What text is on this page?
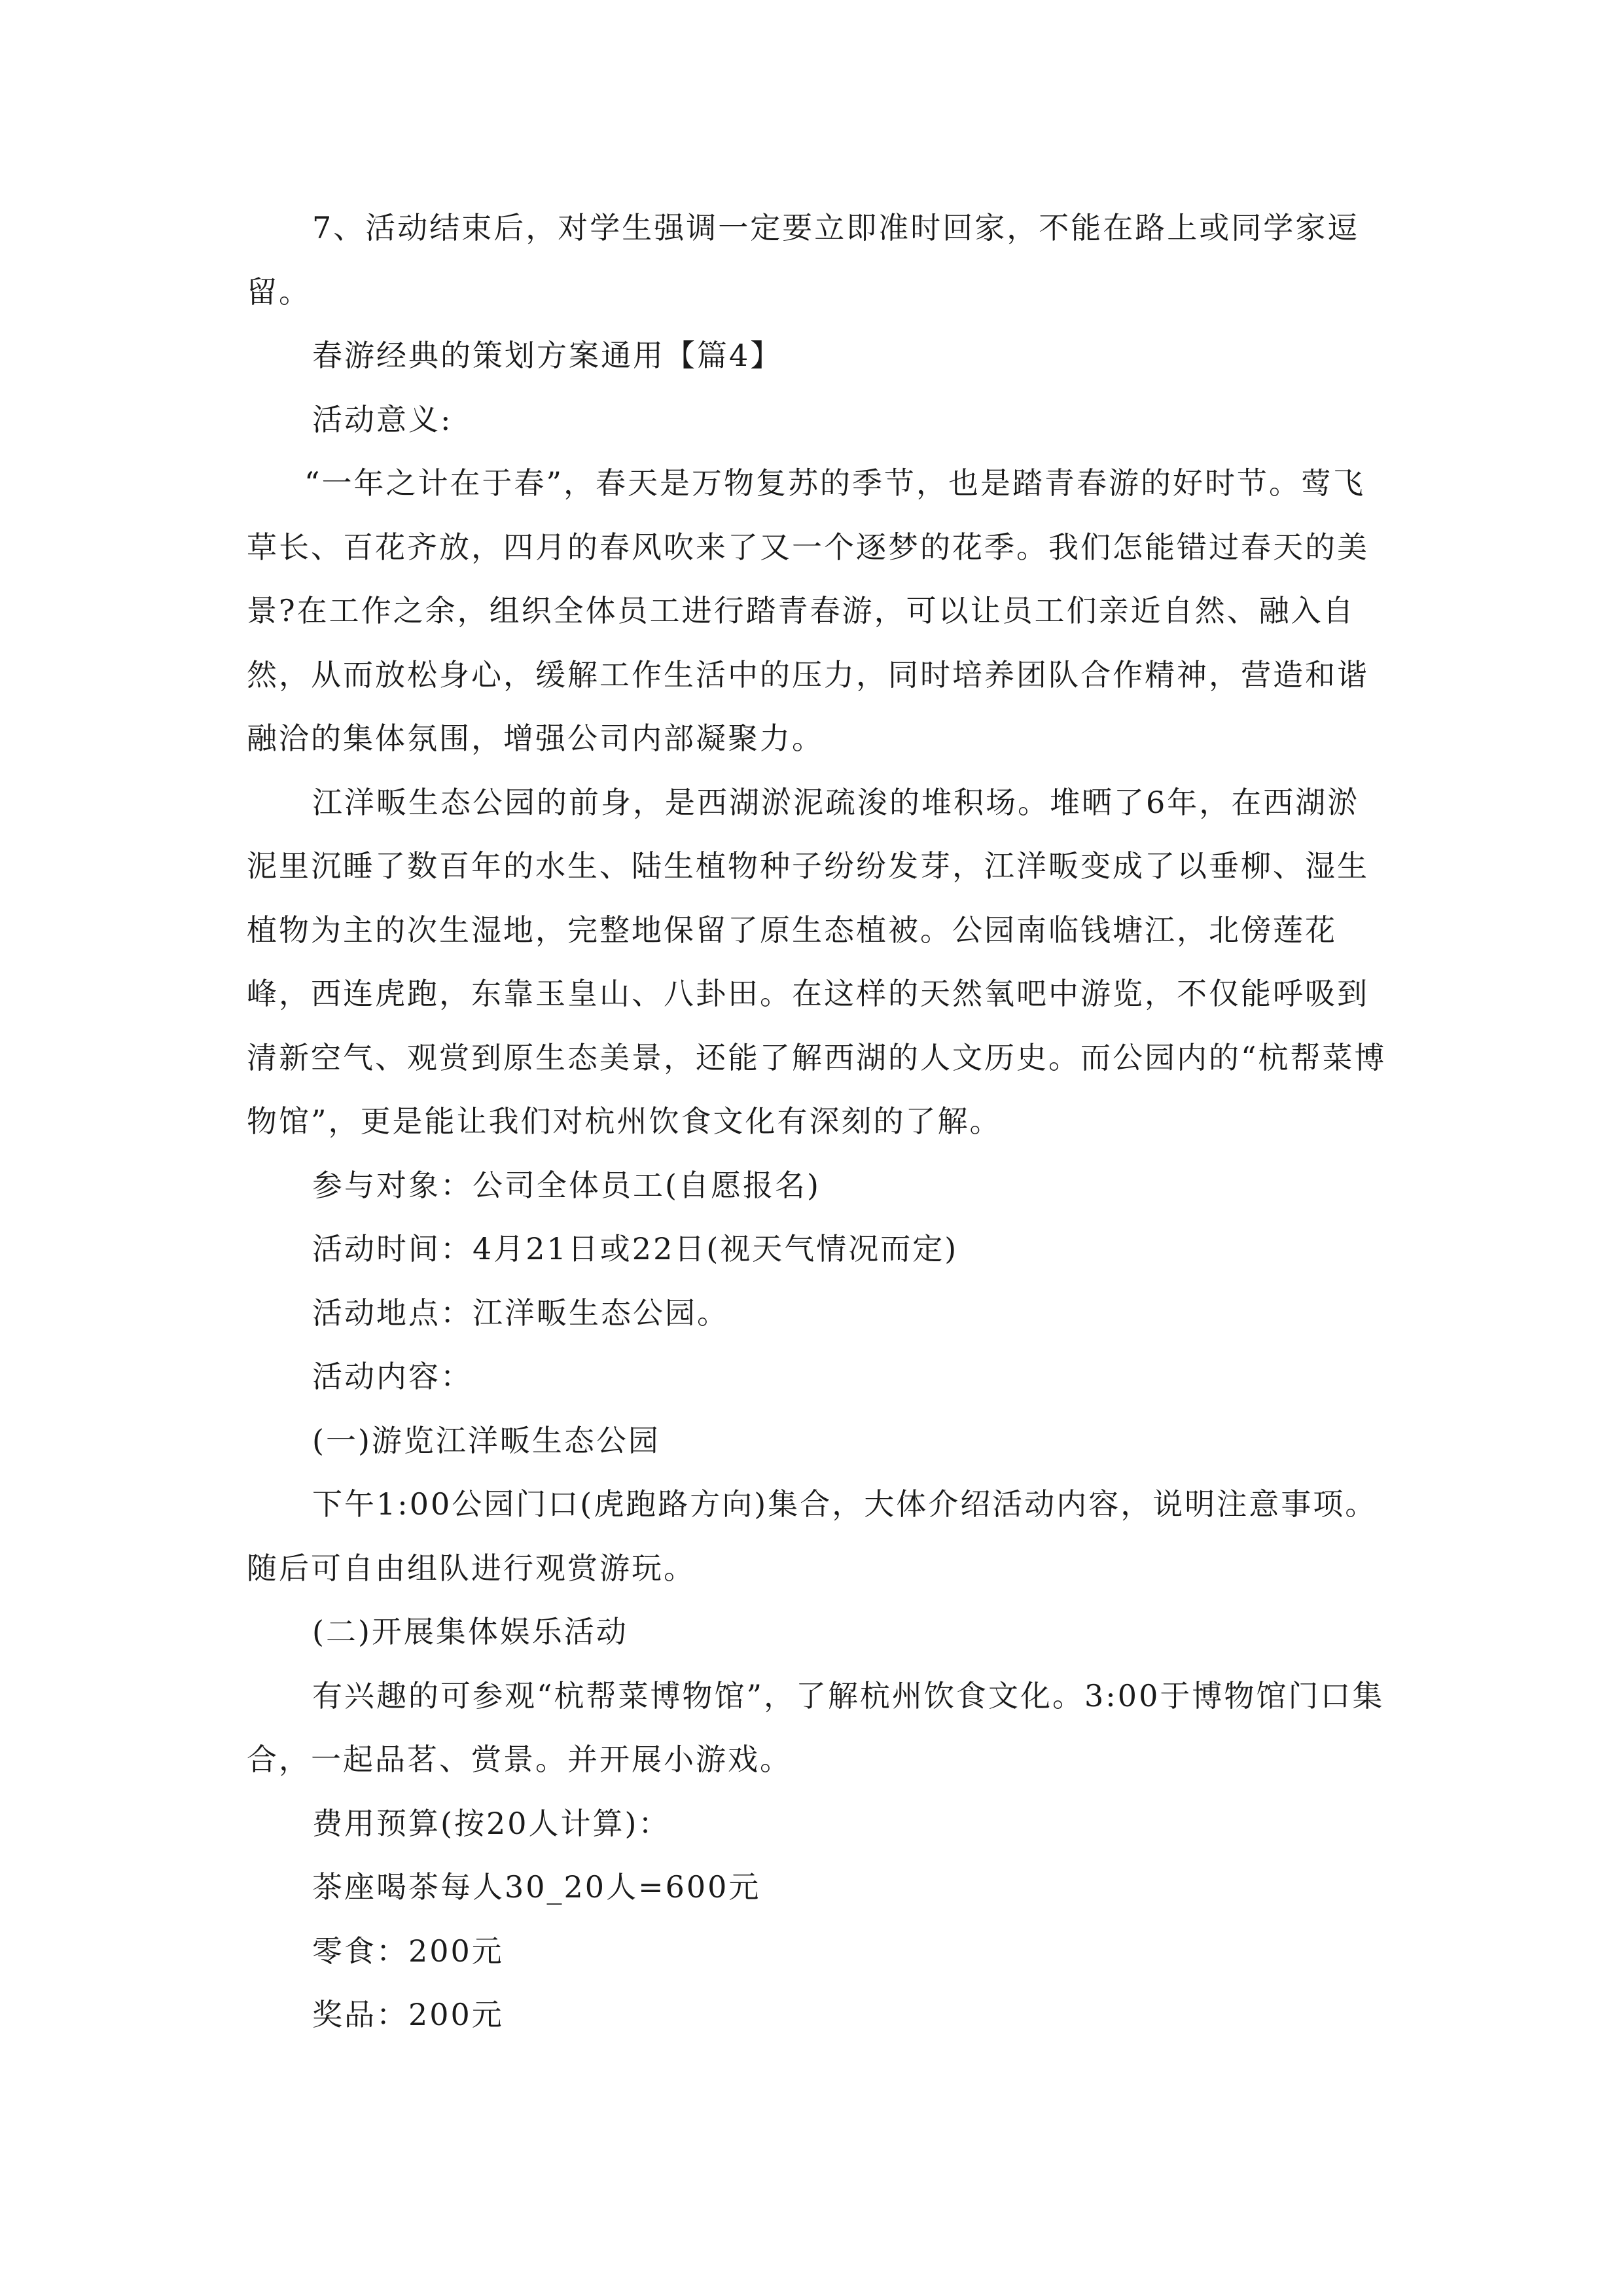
7、活动结束后，对学生强调一定要立即准时回家，不能在路上或同学家逗留。

春游经典的策划方案通用【篇4】

活动意义:

“一年之计在于春”，春天是万物复苏的季节，也是踏青春游的好时节。莺飞草长、百花齐放，四月的春风吹来了又一个逐梦的花季。我们怎能错过春天的美景?在工作之余，组织全体员工进行踏青春游，可以让员工们亲近自然、融入自然，从而放松身心，缓解工作生活中的压力，同时培养团队合作精神，营造和谐融洽的集体氛围，增强公司内部凝聚力。

江洋畈生态公园的前身，是西湖淤泥疏浚的堆积场。堆晒了6年，在西湖淤泥里沉睡了数百年的水生、陆生植物种子纷纷发芽，江洋畈变成了以垂柳、湿生植物为主的次生湿地，完整地保留了原生态植被。公园南临钱塘江，北傍莲花峰，西连虎跑，东靠玉皇山、八卦田。在这样的天然氧吧中游览，不仅能呼吸到清新空气、观赏到原生态美景，还能了解西湖的人文历史。而公园内的“杭帮菜博物馆”，更是能让我们对杭州饮食文化有深刻的了解。

参与对象：公司全体员工(自愿报名)

活动时间：4月21日或22日(视天气情况而定)

活动地点：江洋畈生态公园。

活动内容：

(一)游览江洋畈生态公园

下午1:00公园门口(虎跑路方向)集合，大体介绍活动内容，说明注意事项。随后可自由组队进行观赏游玩。

(二)开展集体娱乐活动

有兴趣的可参观“杭帮菜博物馆”，了解杭州饮食文化。3:00于博物馆门口集合，一起品茗、赏景。并开展小游戏。

费用预算(按20人计算)：

茶座喝茶每人30_20人=600元

零食：200元

奖品：200元
